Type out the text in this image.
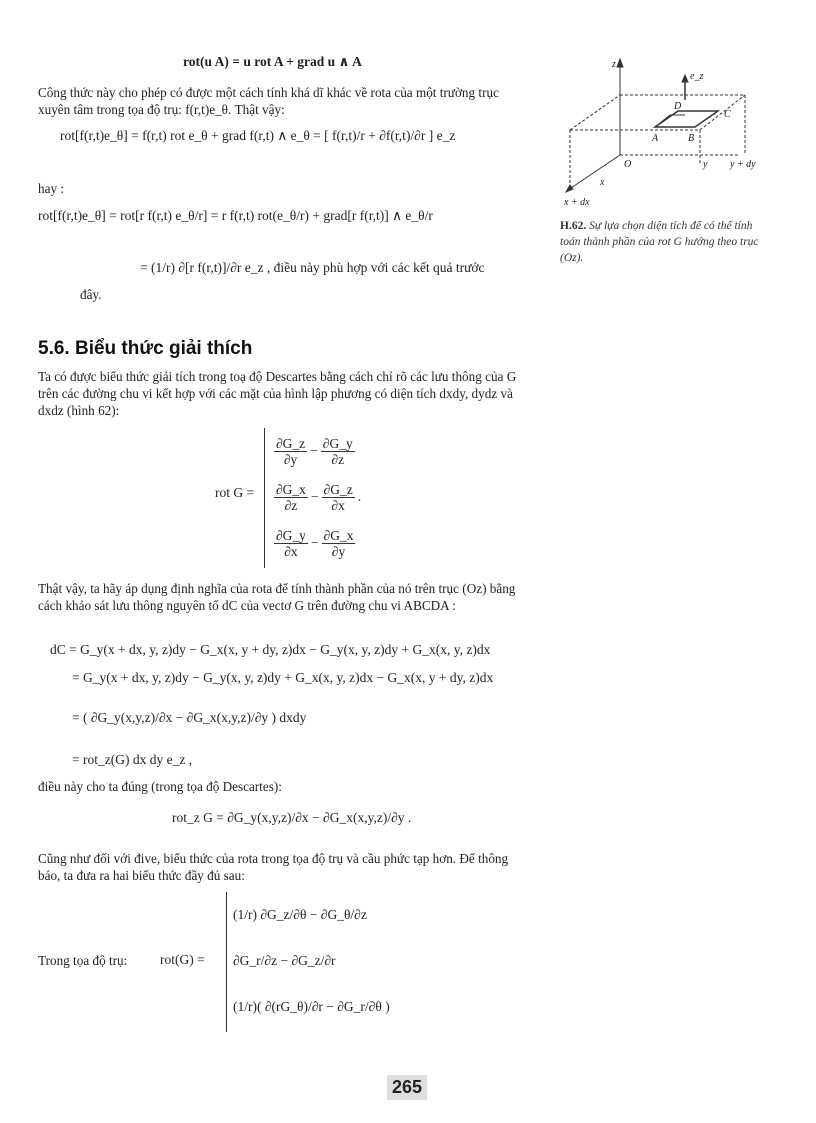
rot(u A) = u rot A + grad u ∧ A
Công thức này cho phép có được một cách tính khá dĩ khác về rota của một trường trục xuyên tâm trong tọa độ trụ: f(r,t)e_θ. Thật vậy:
rot[f(r,t)e_θ] = f(r,t) rot e_θ + grad f(r,t) ∧ e_θ = [ f(r,t)/r + ∂f(r,t)/∂r ] e_z
hay :
rot[f(r,t)e_θ] = rot[r f(r,t) e_θ/r] = r f(r,t) rot(e_θ/r) + grad[r f(r,t)] ∧ e_θ/r
= (1/r) ∂[r f(r,t)]/∂r e_z , điều này phù hợp với các kết quả trước
đây.
z
e_z
D
C
A	B
O	y y + dy
x
x + dx
H.62. Sự lựa chọn diện tích để có thể tính toán thành phần của rot G hướng theo trục (Oz).
5.6. Biểu thức giải thích
Ta có được biểu thức giải tích trong toạ độ Descartes bằng cách chỉ rõ các lưu thông của G trên các đường chu vi kết hợp với các mặt của hình lập phương có diện tích dxdy, dydz và dxdz (hình 62):
rot G =
$\frac{\partial G\_z}{\partial y} - \frac{\partial G\_y}{\partial z}$
$\frac{\partial G\_x}{\partial z} - \frac{\partial G\_z}{\partial x}$ .
$\frac{\partial G\_y}{\partial x} - \frac{\partial G\_x}{\partial y}$
Thật vậy, ta hãy áp dụng định nghĩa của rota để tính thành phần của nó trên trục (Oz) bằng cách khảo sát lưu thông nguyên tố dC của vectơ G trên đường chu vi ABCDA :
dC = G_y(x + dx, y, z)dy − G_x(x, y + dy, z)dx − G_y(x, y, z)dy + G_x(x, y, z)dx
= G_y(x + dx, y, z)dy − G_y(x, y, z)dy + G_x(x, y, z)dx − G_x(x, y + dy, z)dx
= ( ∂G_y(x,y,z)/∂x − ∂G_x(x,y,z)/∂y ) dxdy
= rot_z(G) dx dy e_z ,
điều này cho ta đúng (trong tọa độ Descartes):
rot_z G = ∂G_y(x,y,z)/∂x − ∂G_x(x,y,z)/∂y .
Cũng như đối với đive, biểu thức của rota trong tọa độ trụ và cầu phức tạp hơn. Để thông báo, ta đưa ra hai biểu thức đầy đủ sau:
Trong tọa độ trụ: rot(G) =
(1/r) ∂G_z/∂θ − ∂G_θ/∂z
∂G_r/∂z − ∂G_z/∂r
(1/r)( ∂(rG_θ)/∂r − ∂G_r/∂θ )
265
